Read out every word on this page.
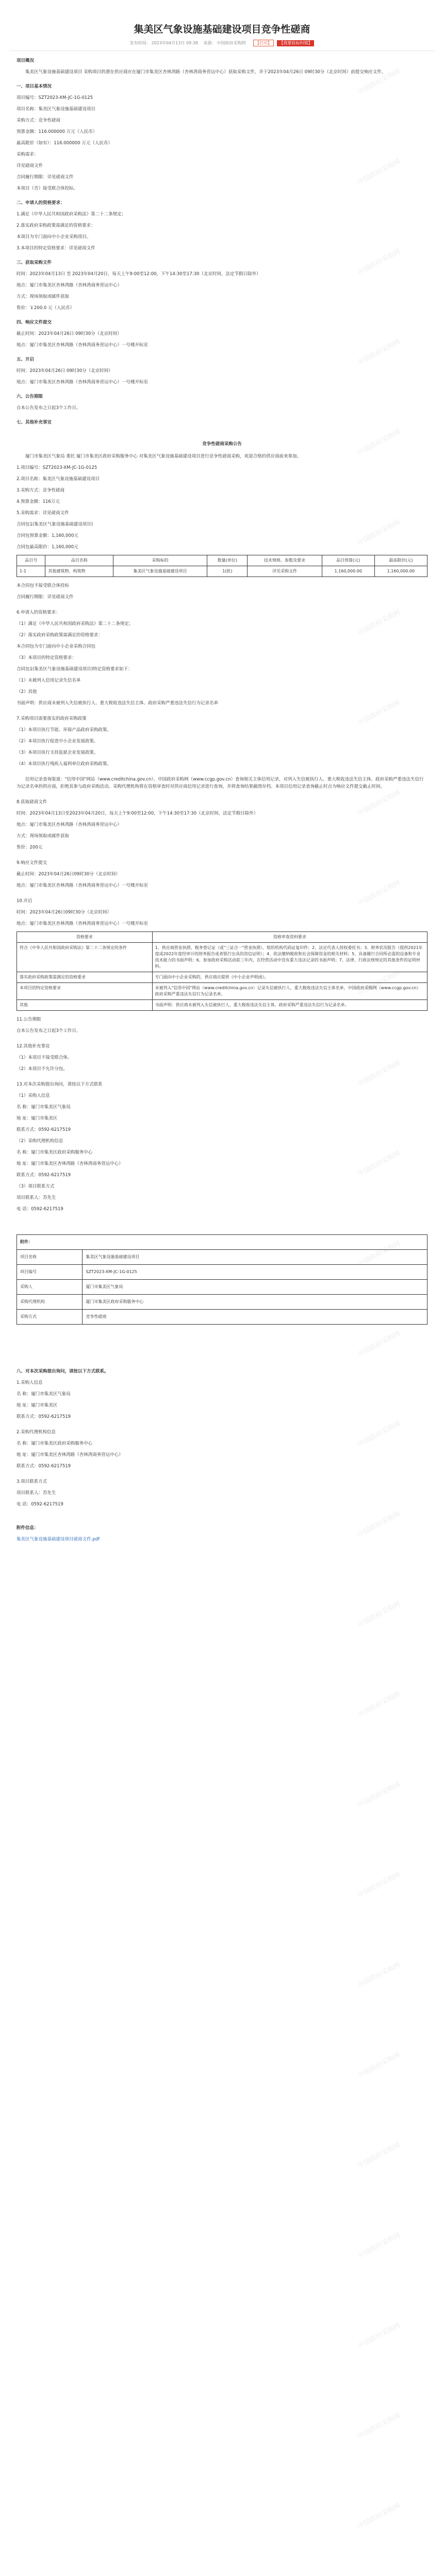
中国政府采购网
中国政府采购网
中国政府采购网
中国政府采购网
中国政府采购网
中国政府采购网
中国政府采购网
中国政府采购网
中国政府采购网
中国政府采购网
中国政府采购网
中国政府采购网
中国政府采购网
中国政府采购网
中国政府采购网
中国政府采购网
中国政府采购网
中国政府采购网
中国政府采购网
中国政府采购网
中国政府采购网
中国政府采购网
中国政府采购网
中国政府采购网
中国政府采购网
中国政府采购网
中国政府采购网
中国政府采购网
集美区气象设施基础建设项目竞争性磋商
发布时间： 2023年04月13日 09:38 来源： 中国政府采购网 【打印】 【我要投标纠错】

项目概况

集美区气象设施基础建设项目 采购项目的潜在供应商应在厦门市集美区杏林湾路（杏林湾商务营运中心）获取采购文件，并于2023年04月26日 09时30分（北京时间）前提交响应文件。

一、项目基本情况

项目编号：SZT2023-XM-JC-1G-0125

项目名称：集美区气象设施基础建设项目

采购方式：竞争性磋商

预算金额：116.000000 万元（人民币）

最高限价（如有）：116.000000 万元（人民币）

采购需求：

详见磋商文件

合同履行期限：详见磋商文件

本项目（否）接受联合体投标。

二、申请人的资格要求：

1.满足《中华人民共和国政府采购法》第二十二条规定；

2.落实政府采购政策需满足的资格要求：

本项目为专门面向中小企业采购项目。

3.本项目的特定资格要求：详见磋商文件

三、获取采购文件

时间：2023年04月13日 至 2023年04月20日，每天上午9:00至12:00，下午14:30至17:30（北京时间，法定节假日除外）

地点：厦门市集美区杏林湾路（杏林湾商务营运中心）

方式：现场领取或邮件获取

售价：￥200.0 元（人民币）

四、响应文件提交

截止时间：2023年04月26日 09时30分（北京时间）

地点：厦门市集美区杏林湾路（杏林湾商务营运中心）一号楼开标室

五、开启

时间：2023年04月26日 09时30分（北京时间）

地点：厦门市集美区杏林湾路（杏林湾商务营运中心）一号楼开标室

六、公告期限

自本公告发布之日起3个工作日。

七、其他补充事宜

竞争性磋商采购公告

厦门市集美区气象局 委托 厦门市集美区政府采购服务中心 对集美区气象设施基础建设项目进行竞争性磋商采购，欢迎合格的供应商前来参加。

1.项目编号：SZT2023-XM-JC-1G-0125

2.项目名称：集美区气象设施基础建设项目

3.采购方式：竞争性磋商

4.预算金额：116万元

5.采购需求：详见磋商文件

合同包1(集美区气象设施基础建设项目)

合同包预算金额：1,160,000元

合同包最高限价：1,160,000元

品目号	品目名称	采购标的	数量(单位)	技术规格、参数及要求	品目预算(元)	最高限价(元)
1-1	其他建筑物、构筑物	集美区气象设施基础建设项目	1(批)	详见采购文件	1,160,000.00	1,160,000.00

本合同包不接受联合体投标

合同履行期限：详见磋商文件

6.申请人的资格要求：

（1）满足《中华人民共和国政府采购法》第二十二条规定；

（2）落实政府采购政策需满足的资格要求：

本合同包为专门面向中小企业采购合同包

（3）本项目的特定资格要求：

合同包1(集美区气象设施基础建设项目)特定资格要求如下：

（1）未被列入信用记录失信名单

（2）其他

书面声明：供应商未被列入失信被执行人、重大税收违法失信主体、政府采购严重违法失信行为记录名单

7.采购项目需要落实的政府采购政策

（1）本项目执行节能、环保产品政府采购政策。

（2）本项目执行促进中小企业发展政策。

（3）本项目执行支持监狱企业发展政策。

（4）本项目执行残疾人福利单位政府采购政策。

信用记录查询渠道："信用中国"网站（www.creditchina.gov.cn）、中国政府采购网（www.ccgp.gov.cn）查询相关主体信用记录，对列入失信被执行人、重大税收违法失信主体、政府采购严重违法失信行为记录名单的供应商，拒绝其参与政府采购活动。采购代理机构将在资格审查时对供应商信用记录进行查询，并将查询结果截图存档。本项目信用记录查询截止时点为响应文件提交截止时间。

8.获取磋商文件

时间：2023年04月13日至2023年04月20日，每天上午9:00至12:00，下午14:30至17:30（北京时间，法定节假日除外）

地点：厦门市集美区杏林湾路（杏林湾商务营运中心）

方式：现场领取或邮件获取

售价：200元

9.响应文件提交

截止时间：2023年04月26日09时30分（北京时间）

地点：厦门市集美区杏林湾路（杏林湾商务营运中心）一号楼开标室

10.开启

时间：2023年04月26日09时30分（北京时间）

地点：厦门市集美区杏林湾路（杏林湾商务营运中心）一号楼开标室

资格要求	资格审查资料要求
符合《中华人民共和国政府采购法》第二十二条规定的条件	1、供应商营业执照、税务登记证（或"三证合一"营业执照）、组织机构代码证复印件；2、法定代表人授权委托书；3、财务状况报告（提供2021年度或2022年度经审计的财务报告或者银行出具的资信证明）；4、依法缴纳税收和社会保障资金的相关材料；5、具备履行合同所必需的设备和专业技术能力的书面声明；6、参加政府采购活动前三年内，在经营活动中没有重大违法记录的书面声明；7、法律、行政法规规定的其他条件的证明材料。
落实政府采购政策需满足的资格要求	专门面向中小企业采购的，供应商应提供《中小企业声明函》。
本项目的特定资格要求	未被列入"信用中国"网站（www.creditchina.gov.cn）记录失信被执行人、重大税收违法失信主体名单，中国政府采购网（www.ccgp.gov.cn）政府采购严重违法失信行为记录名单。
其他	书面声明：供应商未被列入失信被执行人、重大税收违法失信主体、政府采购严重违法失信行为记录名单。

11.公告期限

自本公告发布之日起3个工作日。

12.其他补充事宜

（1）本项目不接受联合体。

（2）本项目不允许分包。

13.对本次采购提出询问，请按以下方式联系

（1）采购人信息

名 称：厦门市集美区气象局

地 址：厦门市集美区

联系方式：0592-6217519

（2）采购代理机构信息

名 称：厦门市集美区政府采购服务中心

地 址：厦门市集美区杏林湾路（杏林湾商务营运中心）

联系方式：0592-6217519

（3）项目联系方式

项目联系人：苏先生

电 话：0592-6217519

附件：	
项目名称	集美区气象设施基础建设项目
项目编号	SZT2023-XM-JC-1G-0125
采购人	厦门市集美区气象局
采购代理机构	厦门市集美区政府采购服务中心
采购方式	竞争性磋商

八、对本次采购提出询问，请按以下方式联系。

1.采购人信息

名 称：厦门市集美区气象局

地 址：厦门市集美区

联系方式：0592-6217519

2.采购代理机构信息

名 称：厦门市集美区政府采购服务中心

地 址：厦门市集美区杏林湾路（杏林湾商务营运中心）

联系方式：0592-6217519

3.项目联系方式

项目联系人：苏先生

电 话：0592-6217519

附件信息：

集美区气象设施基础建设项目磋商文件.pdf
